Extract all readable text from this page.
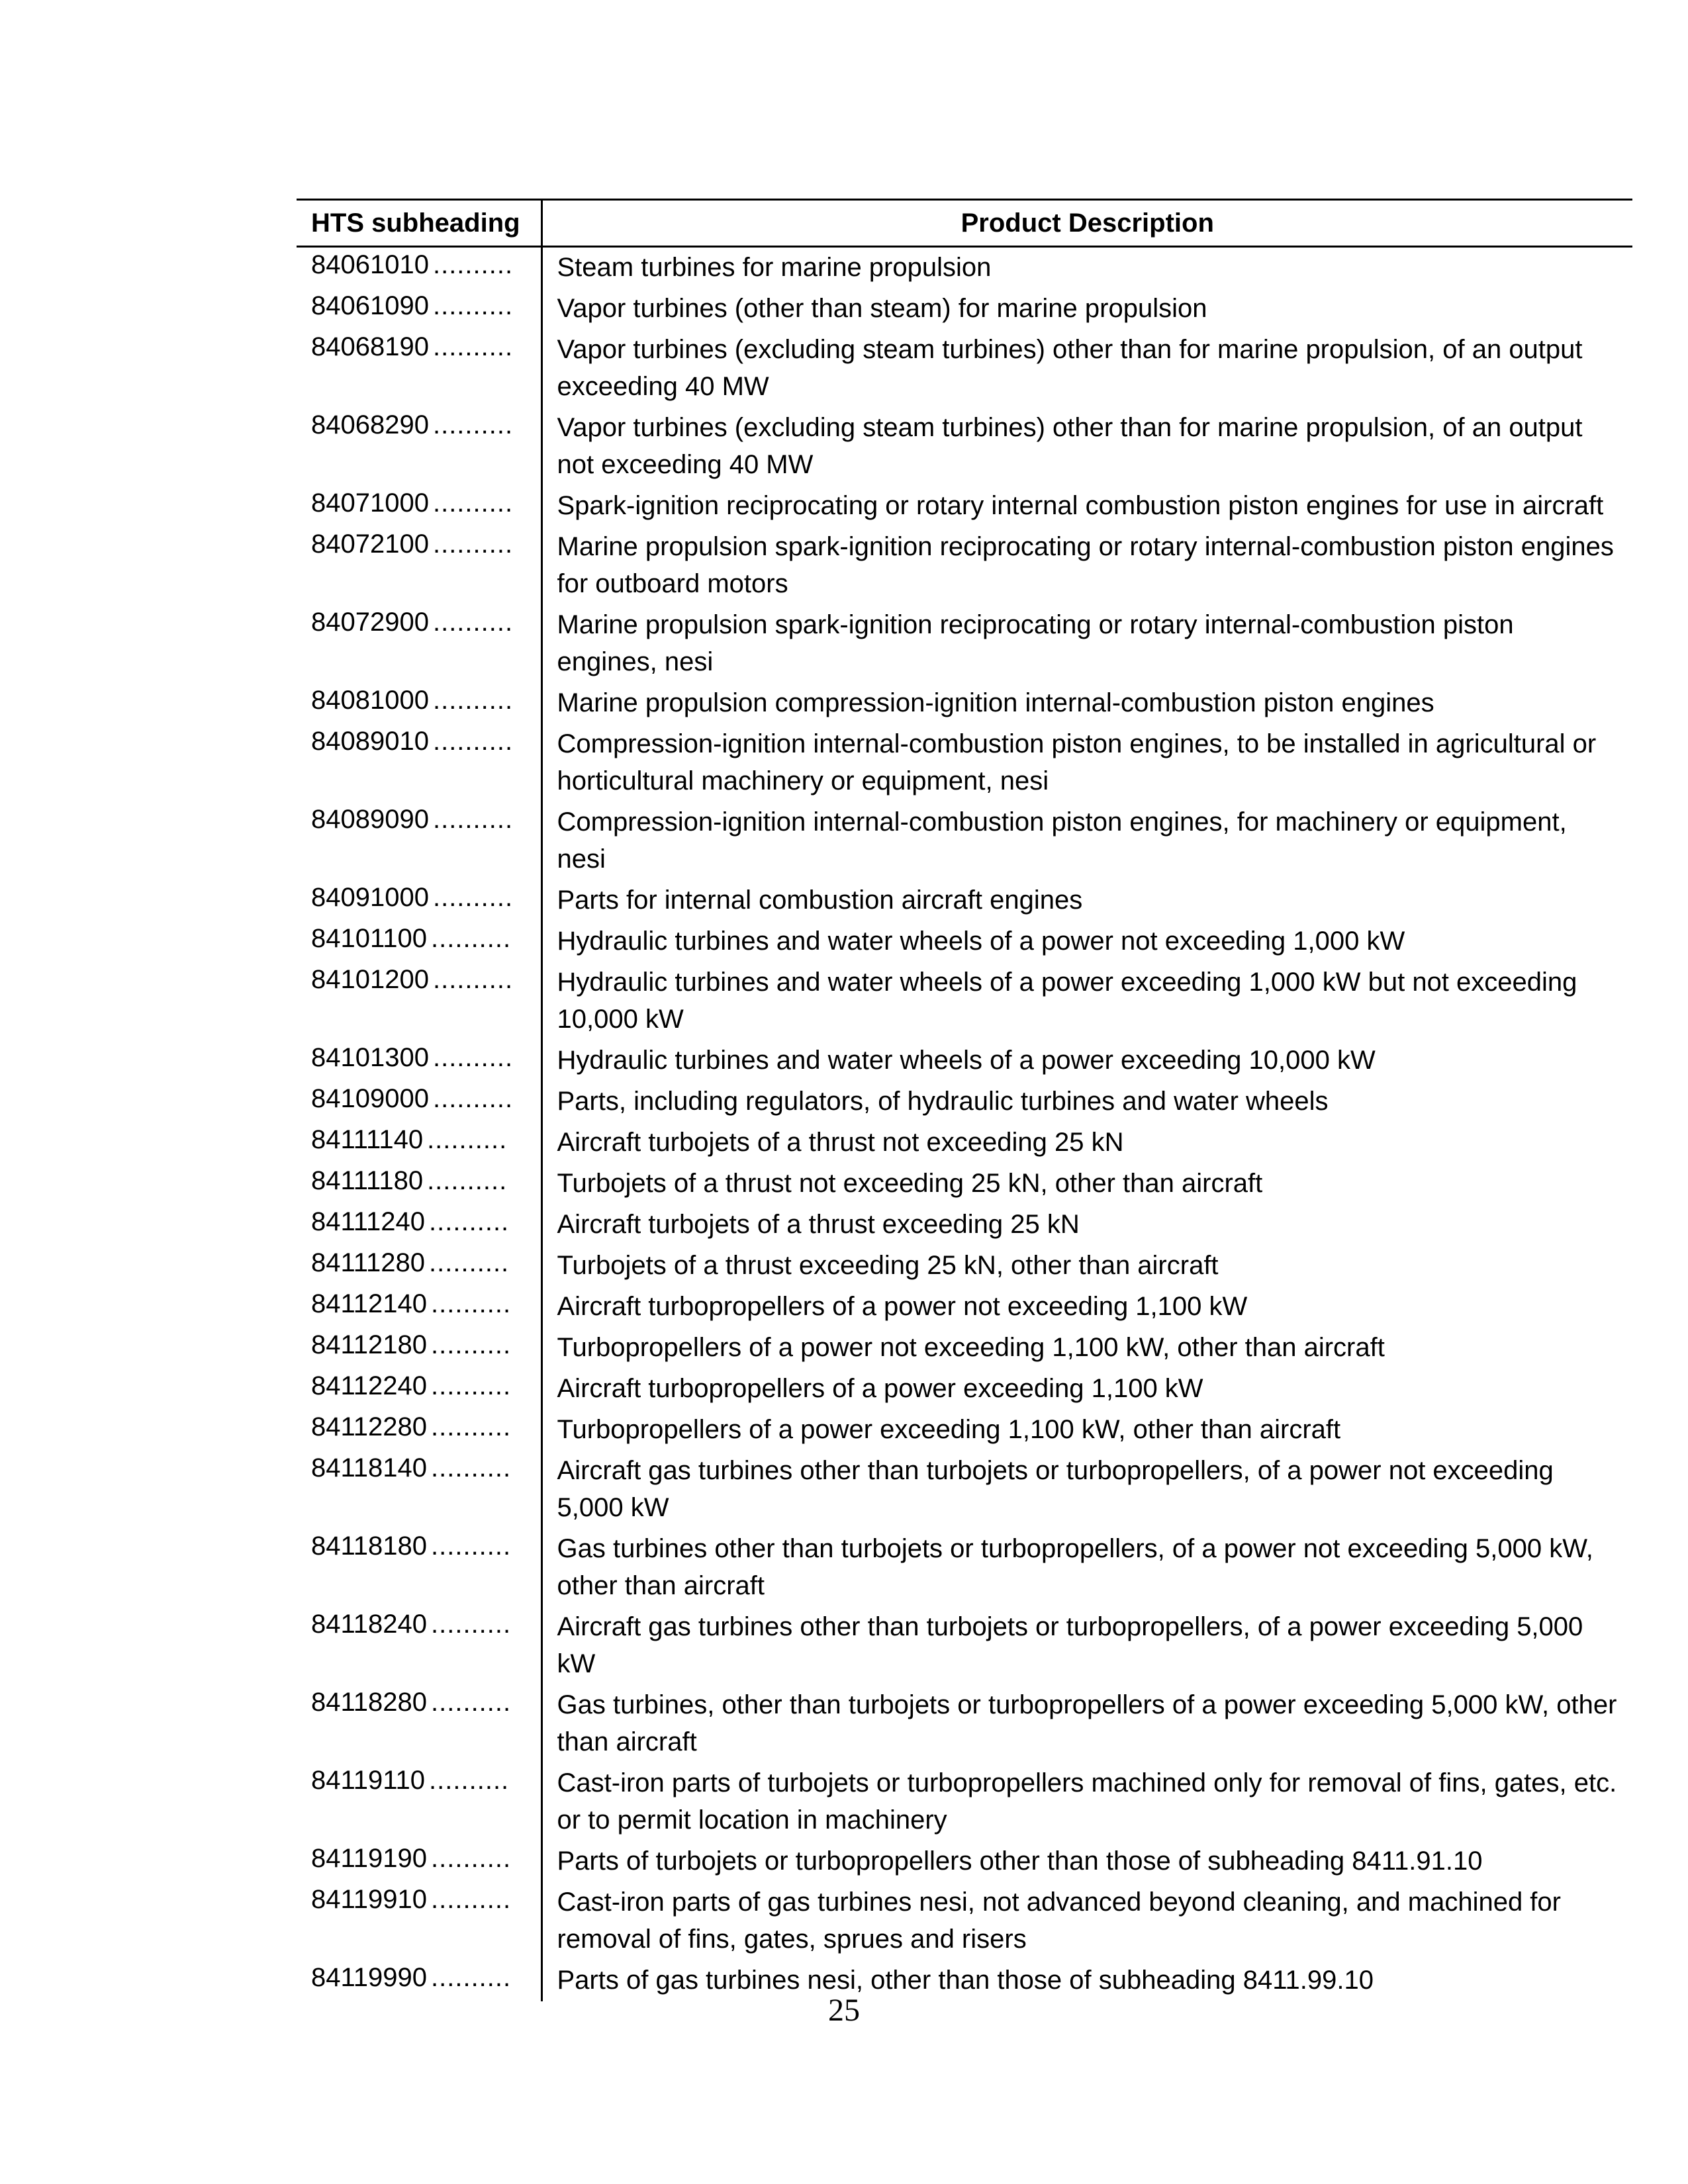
HTS subheading	Product Description
84061010 ..........	Steam turbines for marine propulsion
84061090 ..........	Vapor turbines (other than steam) for marine propulsion
84068190 ..........	Vapor turbines (excluding steam turbines) other than for marine propulsion, of an output exceeding 40 MW
84068290 ..........	Vapor turbines (excluding steam turbines) other than for marine propulsion, of an output not exceeding 40 MW
84071000 ..........	Spark-ignition reciprocating or rotary internal combustion piston engines for use in aircraft
84072100 ..........	Marine propulsion spark-ignition reciprocating or rotary internal-combustion piston engines for outboard motors
84072900 ..........	Marine propulsion spark-ignition reciprocating or rotary internal-combustion piston engines, nesi
84081000 ..........	Marine propulsion compression-ignition internal-combustion piston engines
84089010 ..........	Compression-ignition internal-combustion piston engines, to be installed in agricultural or horticultural machinery or equipment, nesi
84089090 ..........	Compression-ignition internal-combustion piston engines, for machinery or equipment, nesi
84091000 ..........	Parts for internal combustion aircraft engines
84101100 ..........	Hydraulic turbines and water wheels of a power not exceeding 1,000 kW
84101200 ..........	Hydraulic turbines and water wheels of a power exceeding 1,000 kW but not exceeding 10,000 kW
84101300 ..........	Hydraulic turbines and water wheels of a power exceeding 10,000 kW
84109000 ..........	Parts, including regulators, of hydraulic turbines and water wheels
84111140 ..........	Aircraft turbojets of a thrust not exceeding 25 kN
84111180 ..........	Turbojets of a thrust not exceeding 25 kN, other than aircraft
84111240 ..........	Aircraft turbojets of a thrust exceeding 25 kN
84111280 ..........	Turbojets of a thrust exceeding 25 kN, other than aircraft
84112140 ..........	Aircraft turbopropellers of a power not exceeding 1,100 kW
84112180 ..........	Turbopropellers of a power not exceeding 1,100 kW, other than aircraft
84112240 ..........	Aircraft turbopropellers of a power exceeding 1,100 kW
84112280 ..........	Turbopropellers of a power exceeding 1,100 kW, other than aircraft
84118140 ..........	Aircraft gas turbines other than turbojets or turbopropellers, of a power not exceeding 5,000 kW
84118180 ..........	Gas turbines other than turbojets or turbopropellers, of a power not exceeding 5,000 kW, other than aircraft
84118240 ..........	Aircraft gas turbines other than turbojets or turbopropellers, of a power exceeding 5,000 kW
84118280 ..........	Gas turbines, other than turbojets or turbopropellers of a power exceeding 5,000 kW, other than aircraft
84119110 ..........	Cast-iron parts of turbojets or turbopropellers machined only for removal of fins, gates, etc. or to permit location in machinery
84119190 ..........	Parts of turbojets or turbopropellers other than those of subheading 8411.91.10
84119910 ..........	Cast-iron parts of gas turbines nesi, not advanced beyond cleaning, and machined for removal of fins, gates, sprues and risers
84119990 ..........	Parts of gas turbines nesi, other than those of subheading 8411.99.10
25
